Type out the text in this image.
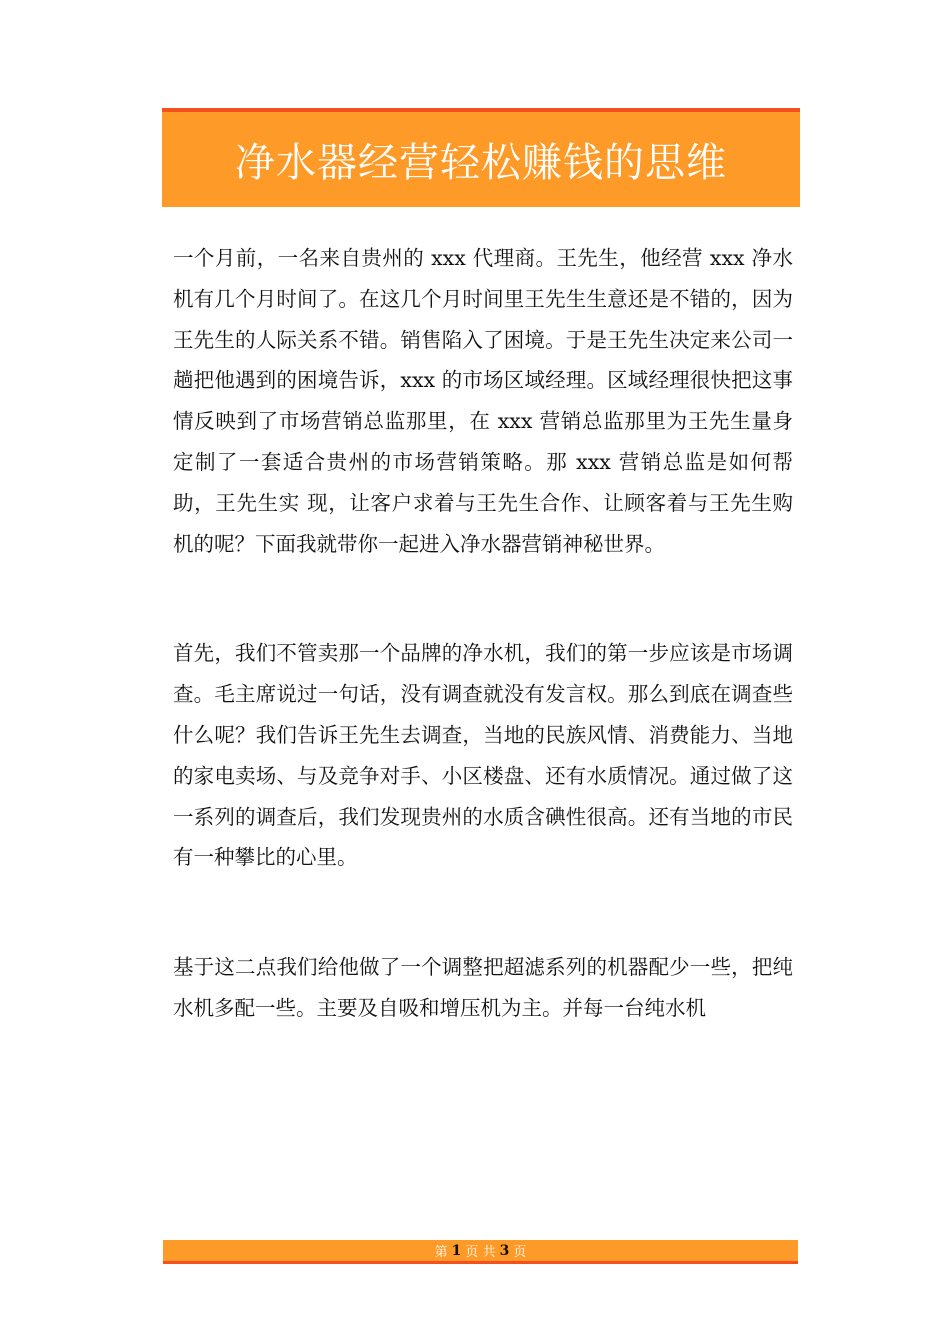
净水器经营轻松赚钱的思维

一个月前，一名来自贵州的 xxx 代理商。王先生，他经营 xxx 净水机有几个月时间了。在这几个月时间里王先生生意还是不错的，因为王先生的人际关系不错。销售陷入了困境。于是王先生决定来公司一趟把他遇到的困境告诉，xxx 的市场区域经理。区域经理很快把这事情反映到了市场营销总监那里，在 xxx 营销总监那里为王先生量身定制了一套适合贵州的市场营销策略。那 xxx 营销总监是如何帮助，王先生实 现，让客户求着与王先生合作、让顾客着与王先生购机的呢？下面我就带你一起进入净水器营销神秘世界。

首先，我们不管卖那一个品牌的净水机，我们的第一步应该是市场调查。毛主席说过一句话，没有调查就没有发言权。那么到底在调查些什么呢？我们告诉王先生去调查，当地的民族风情、消费能力、当地的家电卖场、与及竞争对手、小区楼盘、还有水质情况。通过做了这一系列的调查后，我们发现贵州的水质含碘性很高。还有当地的市民有一种攀比的心里。

基于这二点我们给他做了一个调整把超滤系列的机器配少一些，把纯水机多配一些。主要及自吸和增压机为主。并每一台纯水机

第 1 页 共 3 页
